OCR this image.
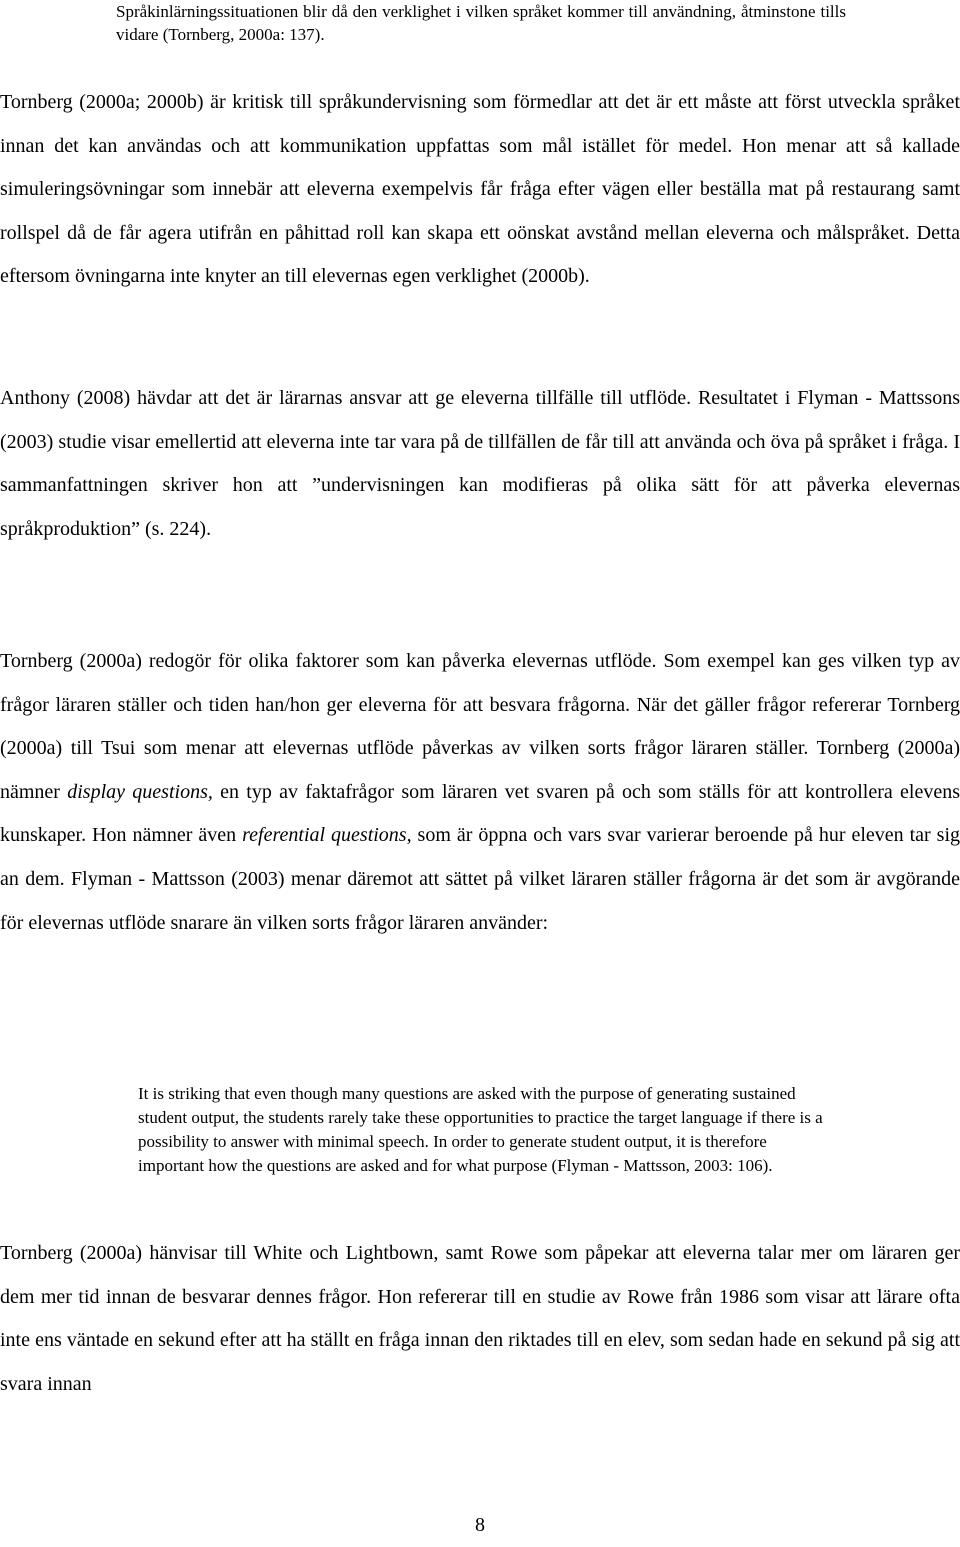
Språkinlärningssituationen blir då den verklighet i vilken språket kommer till användning, åtminstone tills vidare (Tornberg, 2000a: 137).
Tornberg (2000a; 2000b) är kritisk till språkundervisning som förmedlar att det är ett måste att först utveckla språket innan det kan användas och att kommunikation uppfattas som mål istället för medel. Hon menar att så kallade simuleringsövningar som innebär att eleverna exempelvis får fråga efter vägen eller beställa mat på restaurang samt rollspel då de får agera utifrån en påhittad roll kan skapa ett oönskat avstånd mellan eleverna och målspråket. Detta eftersom övningarna inte knyter an till elevernas egen verklighet (2000b).
Anthony (2008) hävdar att det är lärarnas ansvar att ge eleverna tillfälle till utflöde. Resultatet i Flyman - Mattssons (2003) studie visar emellertid att eleverna inte tar vara på de tillfällen de får till att använda och öva på språket i fråga. I sammanfattningen skriver hon att ”undervisningen kan modifieras på olika sätt för att påverka elevernas språkproduktion” (s. 224).
Tornberg (2000a) redogör för olika faktorer som kan påverka elevernas utflöde. Som exempel kan ges vilken typ av frågor läraren ställer och tiden han/hon ger eleverna för att besvara frågorna. När det gäller frågor refererar Tornberg (2000a) till Tsui som menar att elevernas utflöde påverkas av vilken sorts frågor läraren ställer. Tornberg (2000a) nämner display questions, en typ av faktafrågor som läraren vet svaren på och som ställs för att kontrollera elevens kunskaper. Hon nämner även referential questions, som är öppna och vars svar varierar beroende på hur eleven tar sig an dem. Flyman - Mattsson (2003) menar däremot att sättet på vilket läraren ställer frågorna är det som är avgörande för elevernas utflöde snarare än vilken sorts frågor läraren använder:
It is striking that even though many questions are asked with the purpose of generating sustained student output, the students rarely take these opportunities to practice the target language if there is a possibility to answer with minimal speech. In order to generate student output, it is therefore important how the questions are asked and for what purpose (Flyman - Mattsson, 2003: 106).
Tornberg (2000a) hänvisar till White och Lightbown, samt Rowe som påpekar att eleverna talar mer om läraren ger dem mer tid innan de besvarar dennes frågor. Hon refererar till en studie av Rowe från 1986 som visar att lärare ofta inte ens väntade en sekund efter att ha ställt en fråga innan den riktades till en elev, som sedan hade en sekund på sig att svara innan
8
